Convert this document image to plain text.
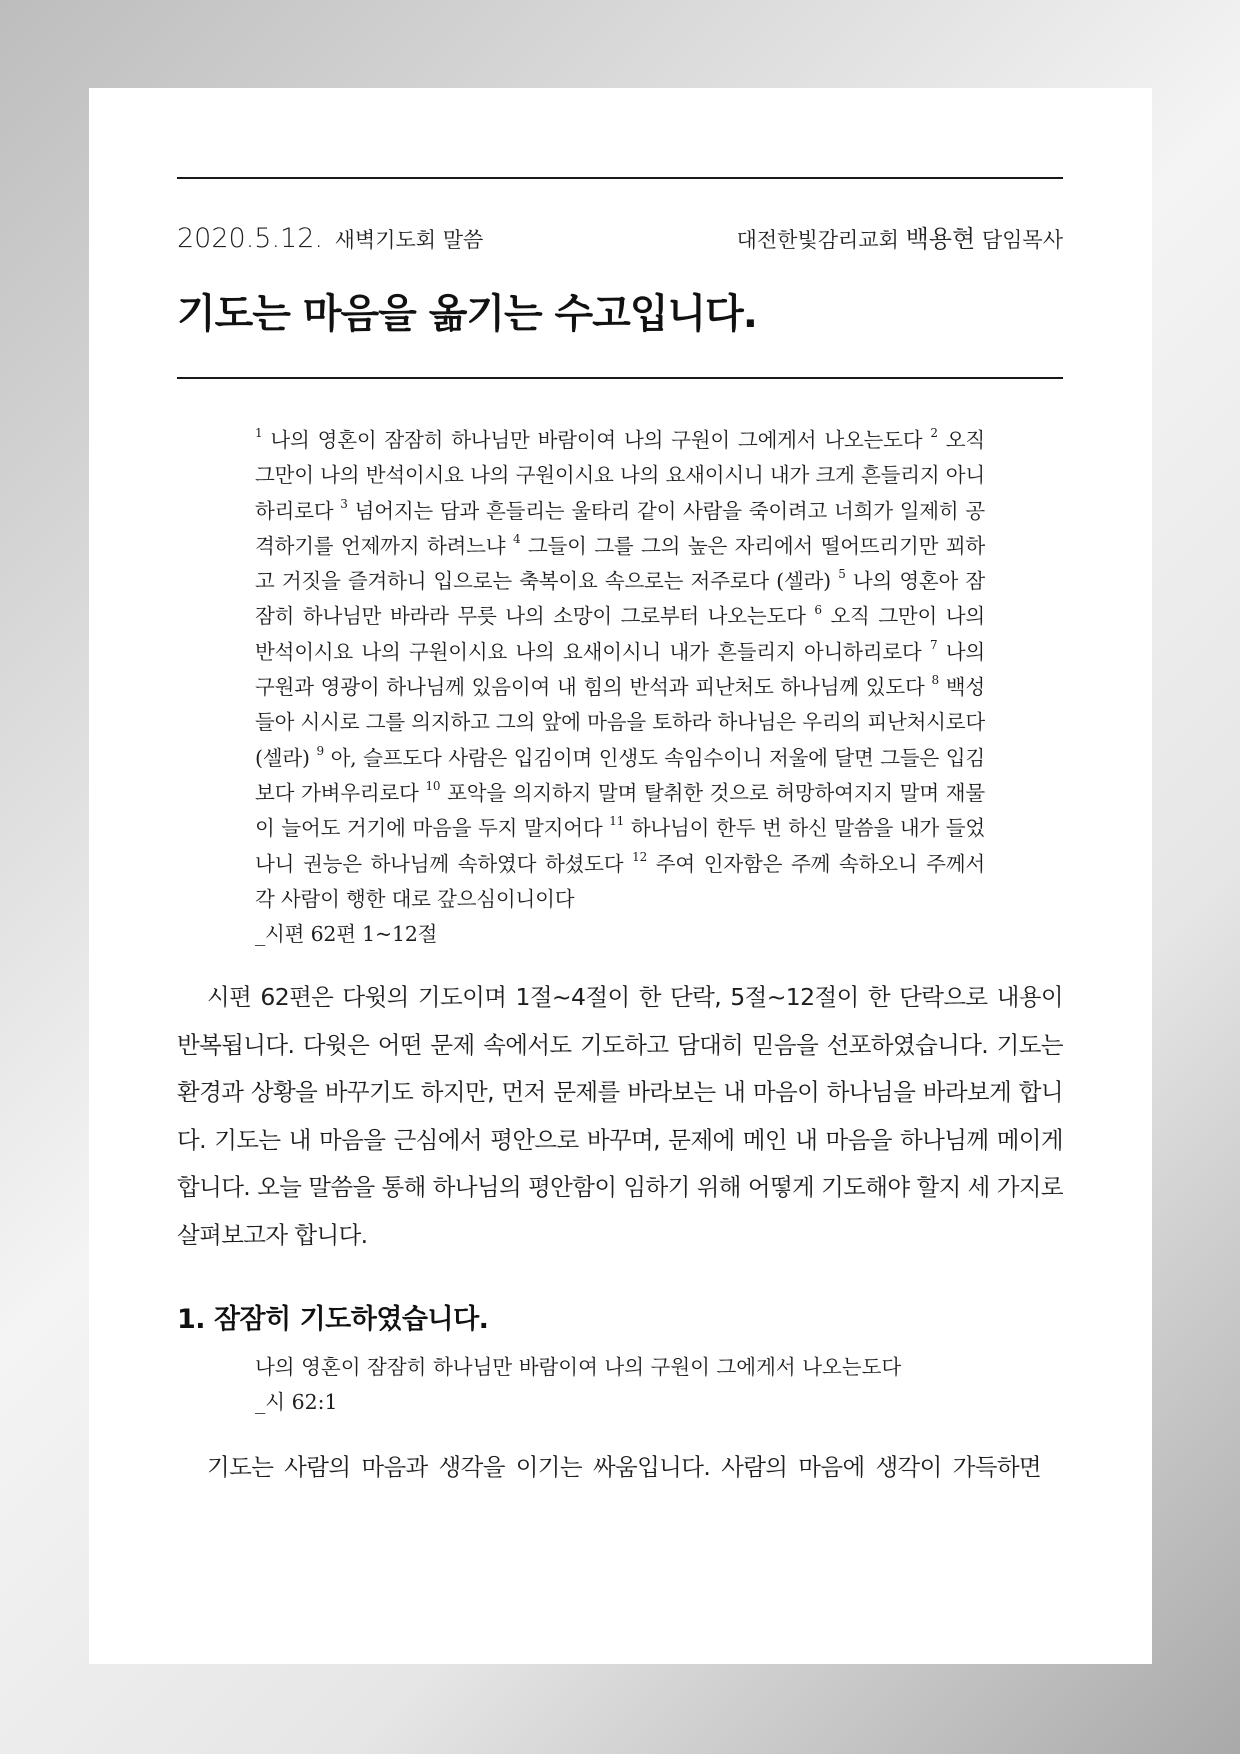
2020.5.12. 새벽기도회 말씀	대전한빛감리교회 백용현 담임목사
기도는 마음을 옮기는 수고입니다.
$^1$ 나의 영혼이 잠잠히 하나님만 바람이여 나의 구원이 그에게서 나오는도다 $^2$ 오직 그만이 나의 반석이시요 나의 구원이시요 나의 요새이시니 내가 크게 흔들리지 아니하리로다 $^3$ 넘어지는 담과 흔들리는 울타리 같이 사람을 죽이려고 너희가 일제히 공격하기를 언제까지 하려느냐 $^4$ 그들이 그를 그의 높은 자리에서 떨어뜨리기만 꾀하고 거짓을 즐겨하니 입으로는 축복이요 속으로는 저주로다 (셀라) $^5$ 나의 영혼아 잠잠히 하나님만 바라라 무릇 나의 소망이 그로부터 나오는도다 $^6$ 오직 그만이 나의 반석이시요 나의 구원이시요 나의 요새이시니 내가 흔들리지 아니하리로다 $^7$ 나의 구원과 영광이 하나님께 있음이여 내 힘의 반석과 피난처도 하나님께 있도다 $^8$ 백성들아 시시로 그를 의지하고 그의 앞에 마음을 토하라 하나님은 우리의 피난처시로다 (셀라) $^9$ 아, 슬프도다 사람은 입김이며 인생도 속임수이니 저울에 달면 그들은 입김보다 가벼우리로다 $^{10}$ 포악을 의지하지 말며 탈취한 것으로 허망하여지지 말며 재물이 늘어도 거기에 마음을 두지 말지어다 $^{11}$ 하나님이 한두 번 하신 말씀을 내가 들었나니 권능은 하나님께 속하였다 하셨도다 $^{12}$ 주여 인자함은 주께 속하오니 주께서 각 사람이 행한 대로 갚으심이니이다
_시편 62편 1~12절

시편 62편은 다윗의 기도이며 1절~4절이 한 단락, 5절~12절이 한 단락으로 내용이 반복됩니다. 다윗은 어떤 문제 속에서도 기도하고 담대히 믿음을 선포하였습니다. 기도는 환경과 상황을 바꾸기도 하지만, 먼저 문제를 바라보는 내 마음이 하나님을 바라보게 합니다. 기도는 내 마음을 근심에서 평안으로 바꾸며, 문제에 메인 내 마음을 하나님께 메이게 합니다. 오늘 말씀을 통해 하나님의 평안함이 임하기 위해 어떻게 기도해야 할지 세 가지로 살펴보고자 합니다.

1. 잠잠히 기도하였습니다.
나의 영혼이 잠잠히 하나님만 바람이여 나의 구원이 그에게서 나오는도다
_시 62:1

기도는 사람의 마음과 생각을 이기는 싸움입니다. 사람의 마음에 생각이 가득하면
